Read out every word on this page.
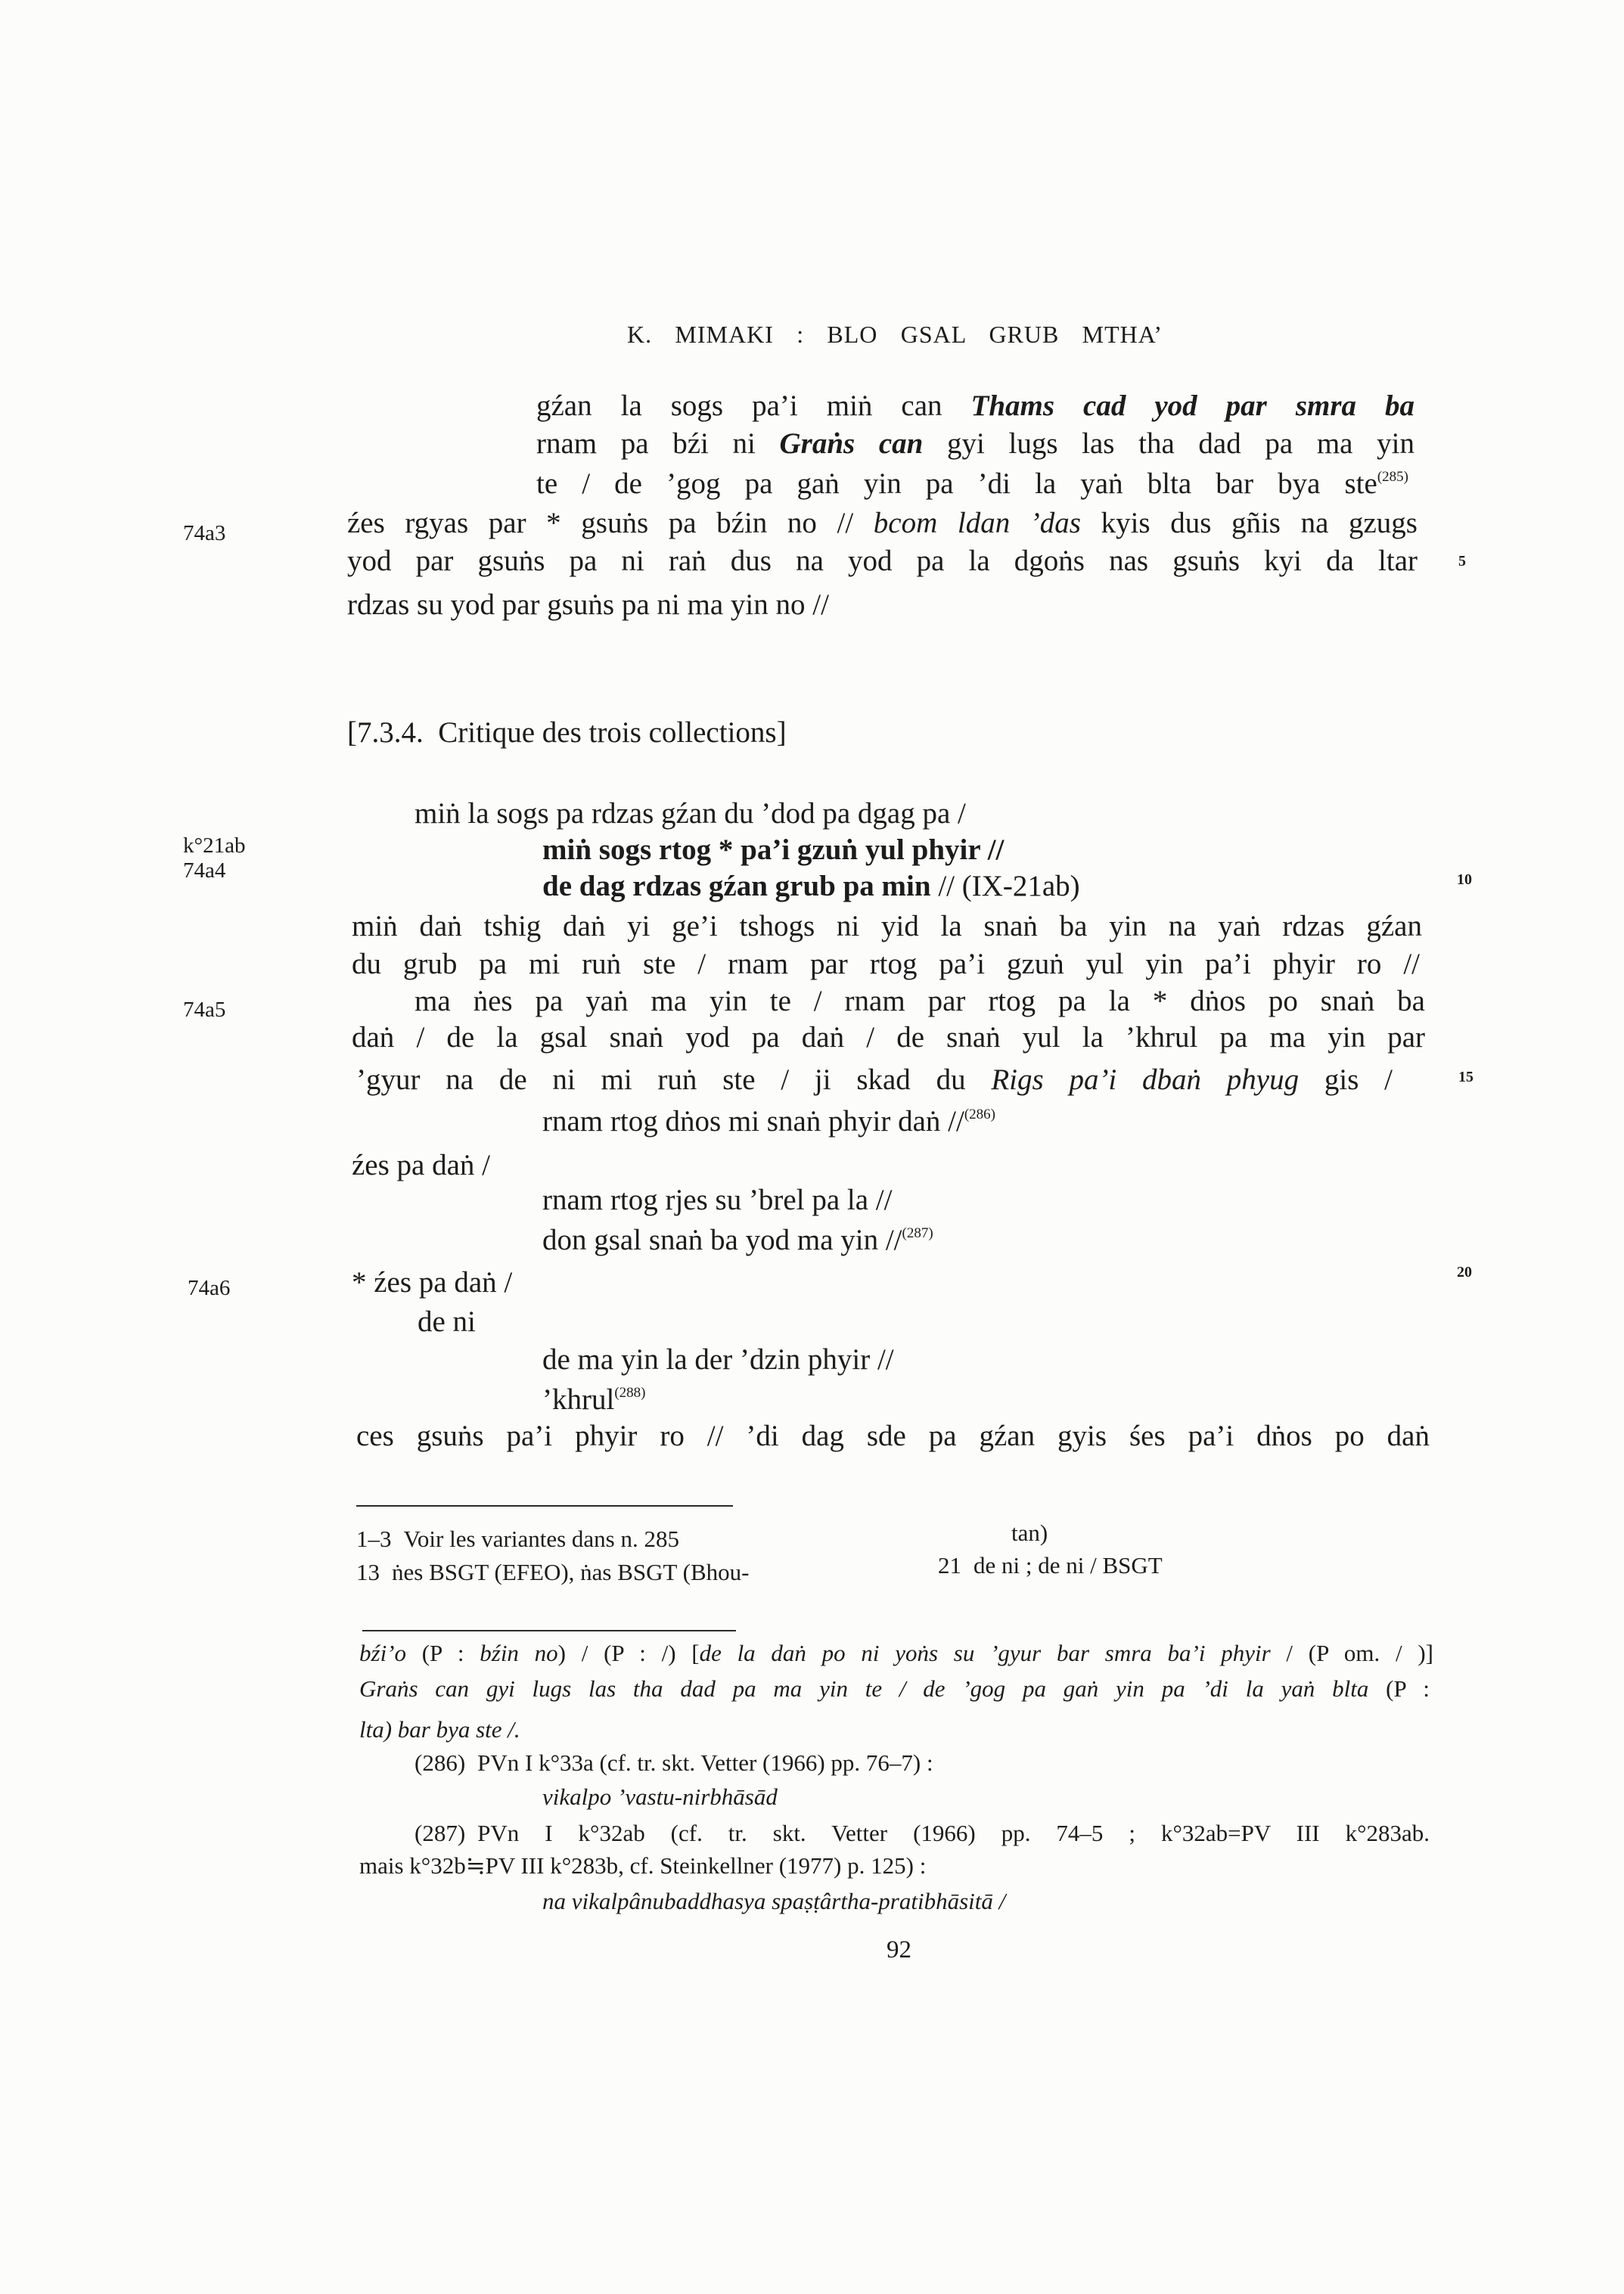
K. MIMAKI : BLO GSAL GRUB MTHA’
gźan la sogs pa’i miṅ can Thams cad yod par smra ba
rnam pa bźi ni Graṅs can gyi lugs las tha dad pa ma yin
te / de ’gog pa gaṅ yin pa ’di la yaṅ blta bar bya ste$^{(285)}$
74a3	źes rgyas par * gsuṅs pa bźin no // bcom ldan ’das kyis dus gñis na gzugs
yod par gsuṅs pa ni raṅ dus na yod pa la dgoṅs nas gsuṅs kyi da ltar	5
rdzas su yod par gsuṅs pa ni ma yin no //
[7.3.4.  Critique des trois collections]
miṅ la sogs pa rdzas gźan du ’dod pa dgag pa /
k°21ab
74a4
miṅ sogs rtog * pa’i gzuṅ yul phyir //
de dag rdzas gźan grub pa min // (IX-21ab)	10
miṅ daṅ tshig daṅ yi ge’i tshogs ni yid la snaṅ ba yin na yaṅ rdzas gźan
du grub pa mi ruṅ ste / rnam par rtog pa’i gzuṅ yul yin pa’i phyir ro //
74a5	ma ṅes pa yaṅ ma yin te / rnam par rtog pa la * dṅos po snaṅ ba
daṅ / de la gsal snaṅ yod pa daṅ / de snaṅ yul la ’khrul pa ma yin par
’gyur na de ni mi ruṅ ste / ji skad du Rigs pa’i dbaṅ phyug gis /	15
rnam rtog dṅos mi snaṅ phyir daṅ //$^{(286)}$
źes pa daṅ /
rnam rtog rjes su ’brel pa la //
don gsal snaṅ ba yod ma yin //$^{(287)}$
74a6	* źes pa daṅ /	20
de ni
de ma yin la der ’dzin phyir //
’khrul$^{(288)}$
ces gsuṅs pa’i phyir ro // ’di dag sde pa gźan gyis śes pa’i dṅos po daṅ
1–3 Voir les variantes dans n. 285
13 ṅes BSGT (EFEO), ṅas BSGT (Bhou-
tan)
21 de ni ; de ni / BSGT
bźi’o (P : bźin no) / (P : /) [de la daṅ po ni yoṅs su ’gyur bar smra ba’i phyir / (P om. / )]
Graṅs can gyi lugs las tha dad pa ma yin te / de ’gog pa gaṅ yin pa ’di la yaṅ blta (P :
lta) bar bya ste /.
(286) PVn I k°33a (cf. tr. skt. Vetter (1966) pp. 76–7) :
vikalpo ’vastu-nirbhāsād
(287) PVn I k°32ab (cf. tr. skt. Vetter (1966) pp. 74–5 ; k°32ab=PV III k°283ab.
mais k°32b≒PV III k°283b, cf. Steinkellner (1977) p. 125) :
na vikalpânubaddhasya spaṣṭârtha-pratibhāsitā /
92
